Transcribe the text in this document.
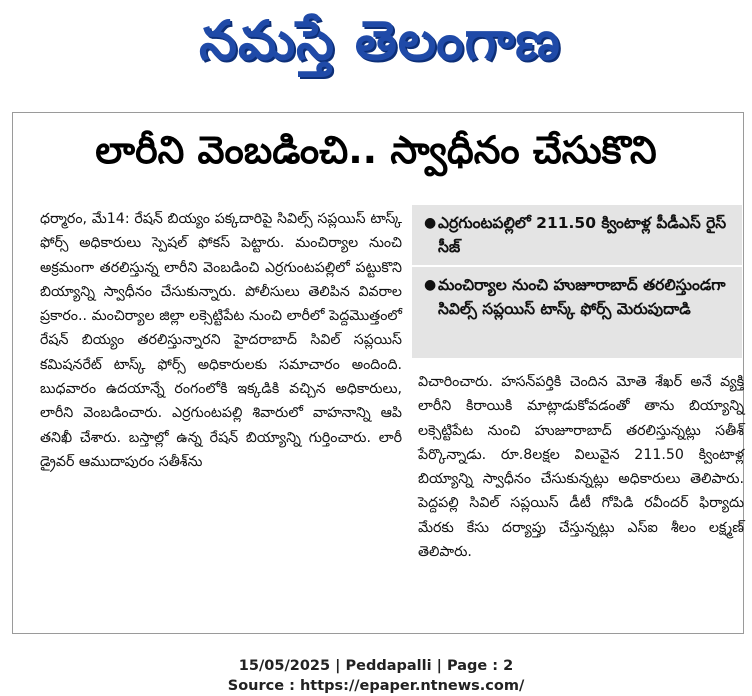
నమస్తే తెలంగాణ
లారీని వెంబడించి.. స్వాధీనం చేసుకొని

ధర్మారం, మే14: రేషన్ బియ్యం పక్కదారిపై సివిల్స్ సప్లయిస్ టాస్క్ ఫోర్స్ అధికారులు స్పెషల్ ఫోకస్ పెట్టారు. మంచిర్యాల నుంచి అక్రమంగా తరలిస్తున్న లారీని వెంబడించి ఎర్రగుంటపల్లిలో పట్టుకొని బియ్యాన్ని స్వాధీనం చేసుకున్నారు. పోలీసులు తెలిపిన వివరాల ప్రకారం.. మంచిర్యాల జిల్లా లక్సెట్టిపేట నుంచి లారీలో పెద్దమొత్తంలో రేషన్ బియ్యం తరలిస్తున్నారని హైదరాబాద్ సివిల్ సప్లయిస్ కమిషనరేట్ టాస్క్ ఫోర్స్ అధికారులకు సమాచారం అందింది. బుధవారం ఉదయాన్నే రంగంలోకి ఇక్కడికి వచ్చిన అధికారులు, లారీని వెంబడించారు. ఎర్రగుంటపల్లి శివారులో వాహనాన్ని ఆపి తనిఖీ చేశారు. బస్తాల్లో ఉన్న రేషన్ బియ్యాన్ని గుర్తించారు. లారీ డ్రైవర్ ఆముదాపురం సతీశ్‌ను

● ఎర్రగుంటపల్లిలో 211.50 క్వింటాళ్ల పీడీఎస్ రైస్ సీజ్
● మంచిర్యాల నుంచి హుజూరాబాద్ తరలిస్తుండగా సివిల్స్ సప్లయిస్ టాస్క్ ఫోర్స్ మెరుపుదాడి

విచారించారు. హసన్‌పర్తికి చెందిన మోతె శేఖర్ అనే వ్యక్తి లారీని కిరాయికి మాట్లాడుకోవడంతో తాను బియ్యాన్ని లక్సెట్టిపేట నుంచి హుజూరాబాద్ తరలిస్తున్నట్లు సతీశ్ పేర్కొన్నాడు. రూ.8లక్షల విలువైన 211.50 క్వింటాళ్ల బియ్యాన్ని స్వాధీనం చేసుకున్నట్లు అధికారులు తెలిపారు. పెద్దపల్లి సివిల్ సప్లయిస్ డీటీ గోపిడి రవీందర్ ఫిర్యాదు మేరకు కేసు దర్యాప్తు చేస్తున్నట్లు ఎస్ఐ శీలం లక్ష్మణ్ తెలిపారు.

15/05/2025 | Peddapalli | Page : 2
Source : https://epaper.ntnews.com/
